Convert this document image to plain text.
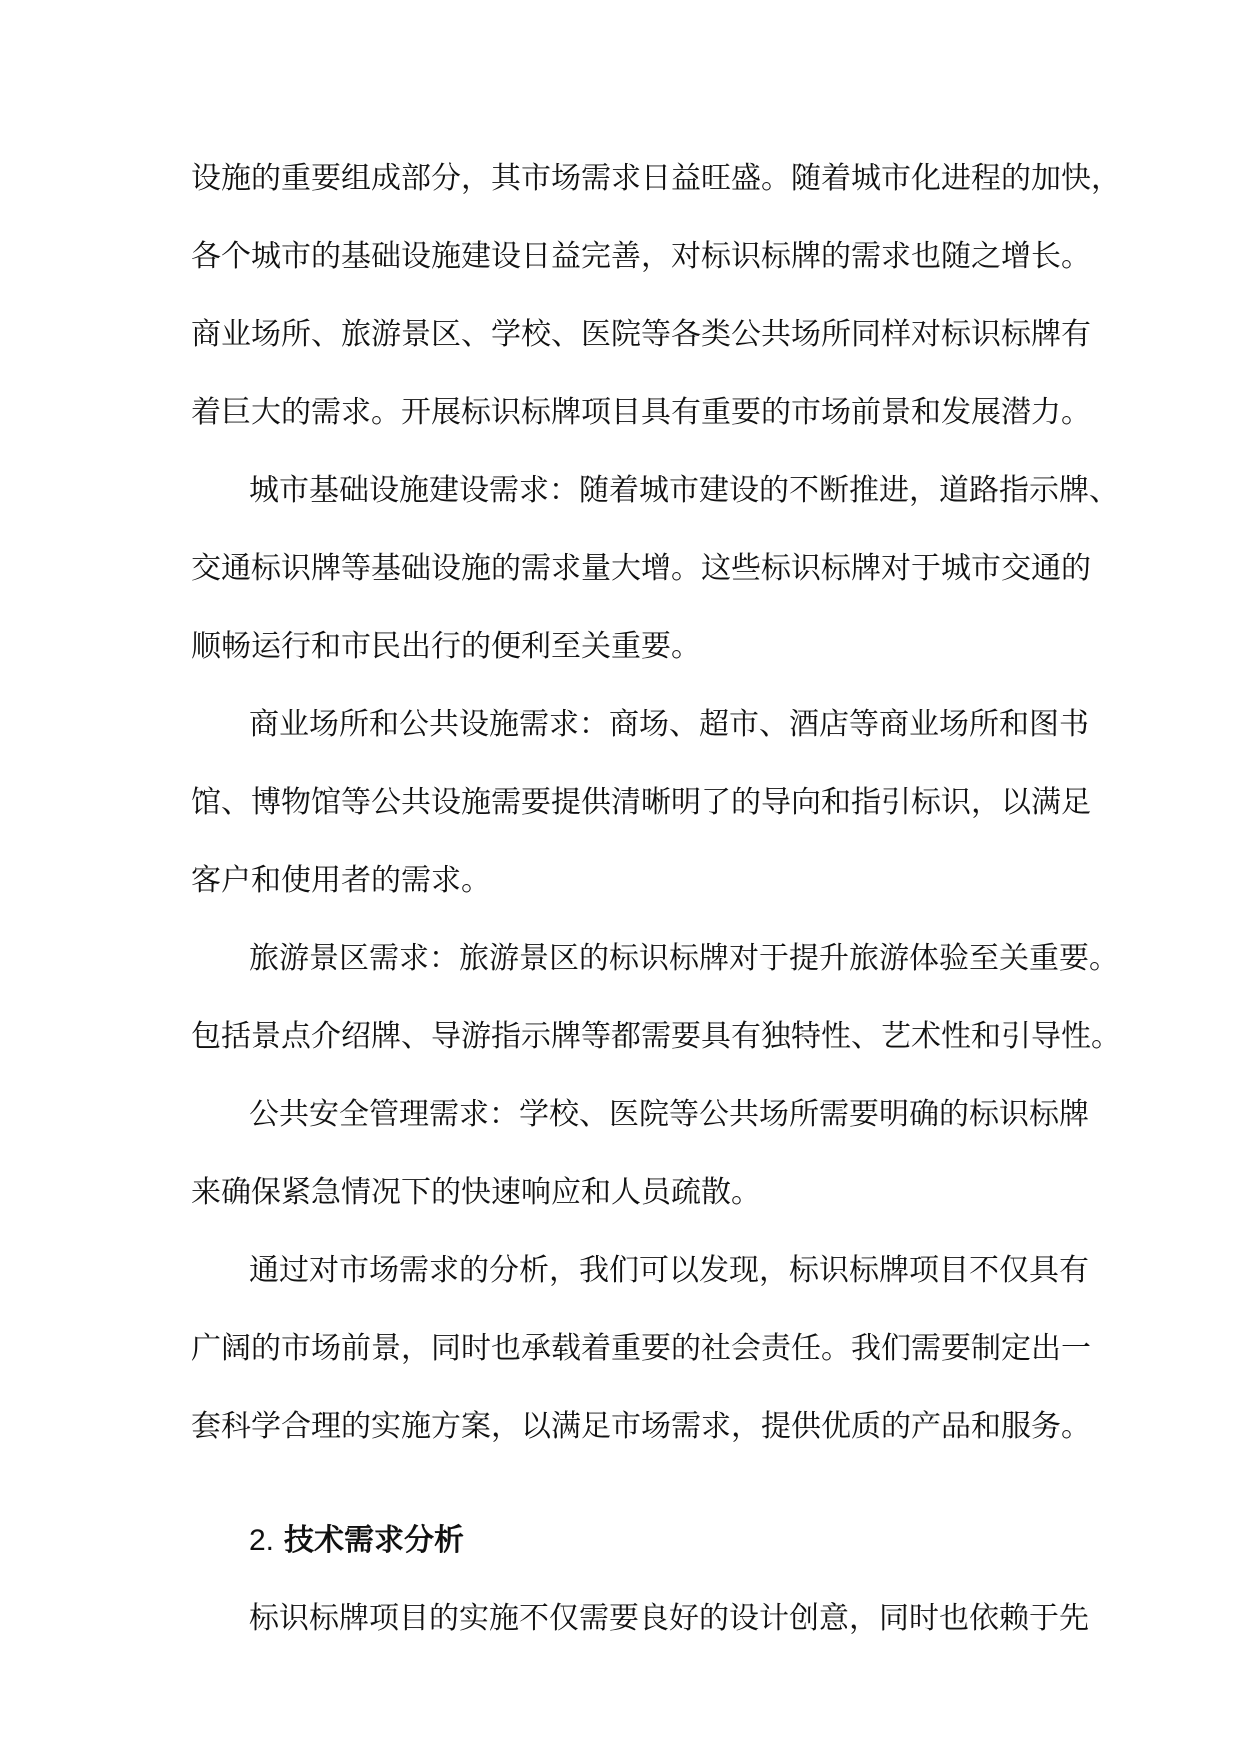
设施的重要组成部分，其市场需求日益旺盛。随着城市化进程的加快，
各个城市的基础设施建设日益完善，对标识标牌的需求也随之增长。
商业场所、旅游景区、学校、医院等各类公共场所同样对标识标牌有
着巨大的需求。开展标识标牌项目具有重要的市场前景和发展潜力。
城市基础设施建设需求：随着城市建设的不断推进，道路指示牌、
交通标识牌等基础设施的需求量大增。这些标识标牌对于城市交通的
顺畅运行和市民出行的便利至关重要。
商业场所和公共设施需求：商场、超市、酒店等商业场所和图书
馆、博物馆等公共设施需要提供清晰明了的导向和指引标识，以满足
客户和使用者的需求。
旅游景区需求：旅游景区的标识标牌对于提升旅游体验至关重要。
包括景点介绍牌、导游指示牌等都需要具有独特性、艺术性和引导性。
公共安全管理需求：学校、医院等公共场所需要明确的标识标牌
来确保紧急情况下的快速响应和人员疏散。
通过对市场需求的分析，我们可以发现，标识标牌项目不仅具有
广阔的市场前景，同时也承载着重要的社会责任。我们需要制定出一
套科学合理的实施方案，以满足市场需求，提供优质的产品和服务。
2. 技术需求分析
标识标牌项目的实施不仅需要良好的设计创意，同时也依赖于先
